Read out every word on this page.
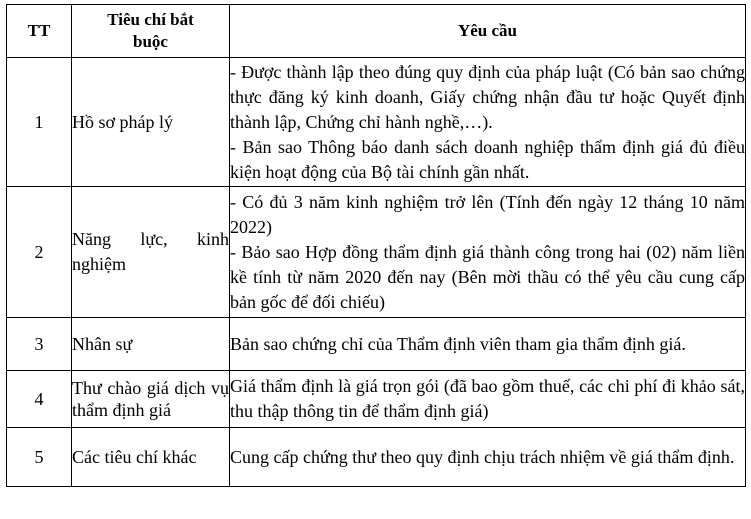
TT	Tiêu chí bắt buộc	Yêu cầu
1	Hồ sơ pháp lý	- Được thành lập theo đúng quy định của pháp luật (Có bản sao chứng thực đăng ký kinh doanh, Giấy chứng nhận đầu tư hoặc Quyết định thành lập, Chứng chỉ hành nghề,…).

- Bản sao Thông báo danh sách doanh nghiệp thẩm định giá đủ điều kiện hoạt động của Bộ tài chính gần nhất.

2	Năng lực, kinh nghiệm	- Có đủ 3 năm kinh nghiệm trở lên (Tính đến ngày 12 tháng 10 năm 2022)

- Bảo sao Hợp đồng thẩm định giá thành công trong hai (02) năm liền kề tính từ năm 2020 đến nay (Bên mời thầu có thể yêu cầu cung cấp bản gốc để đối chiếu)

3	Nhân sự	Bản sao chứng chỉ của Thẩm định viên tham gia thẩm định giá.

4	Thư chào giá dịch vụ thẩm định giá	Giá thẩm định là giá trọn gói (đã bao gồm thuế, các chi phí đi khảo sát, thu thập thông tin để thẩm định giá)

5	Các tiêu chí khác	Cung cấp chứng thư theo quy định chịu trách nhiệm về giá thẩm định.
